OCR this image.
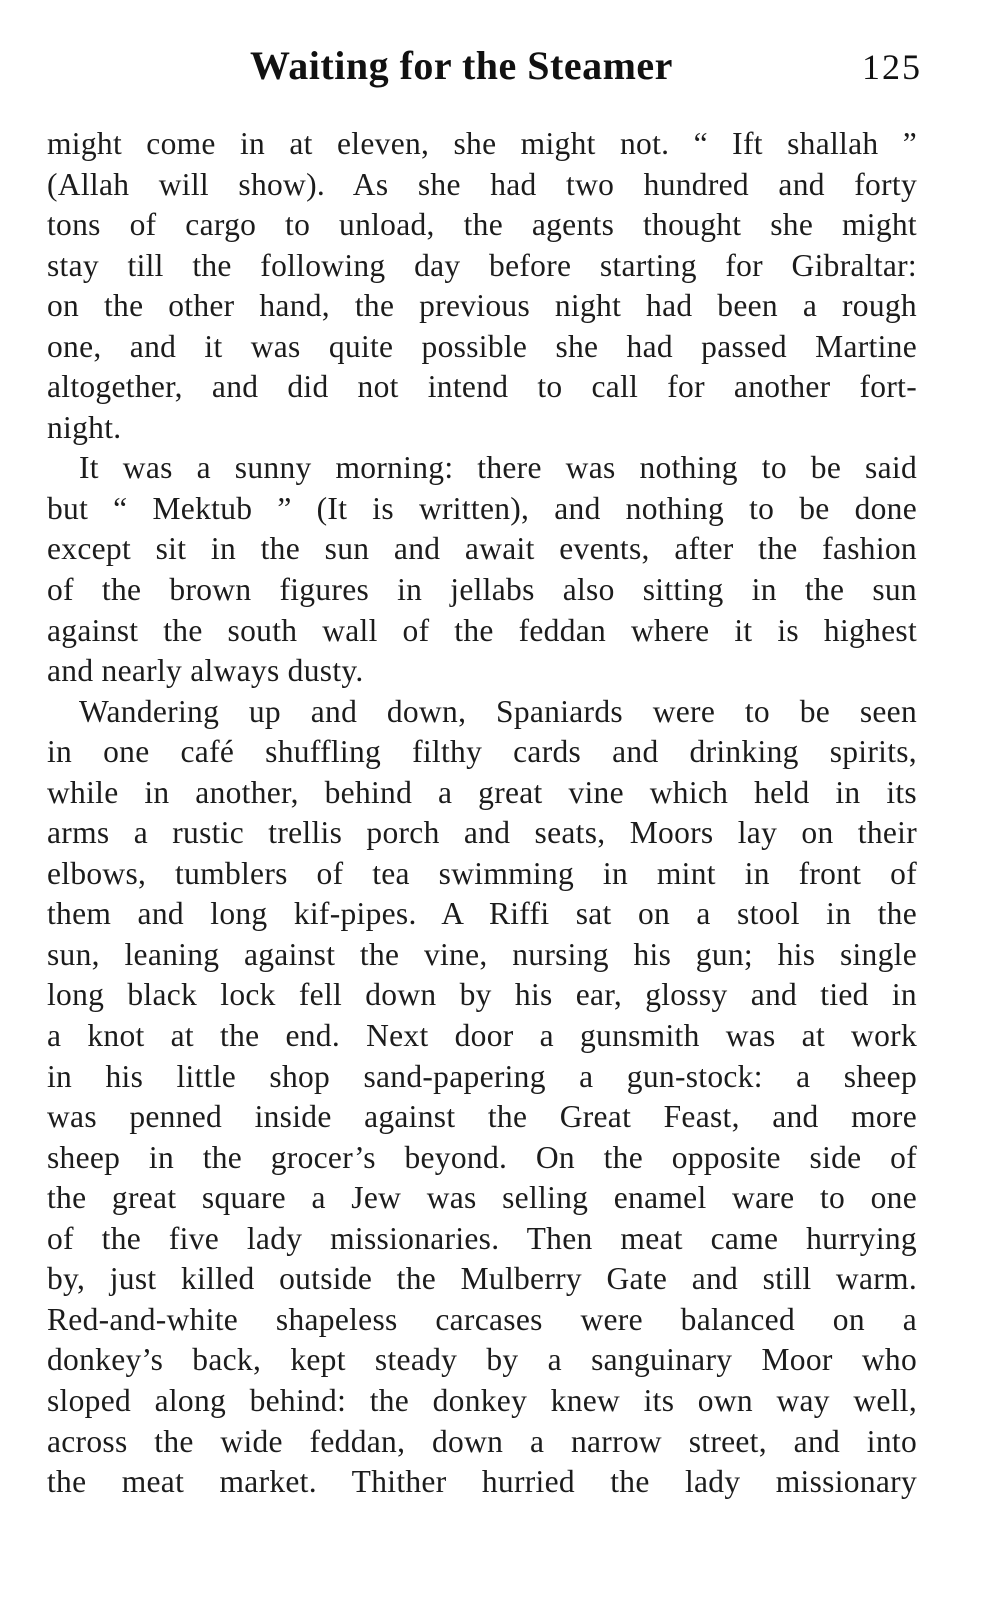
Waiting for the Steamer	125

might come in at eleven, she might not. “ Ift shallah ”
(Allah will show). As she had two hundred and forty
tons of cargo to unload, the agents thought she might
stay till the following day before starting for Gibraltar:
on the other hand, the previous night had been a rough
one, and it was quite possible she had passed Martine
altogether, and did not intend to call for another fort-
night.

It was a sunny morning: there was nothing to be said
but “ Mektub ” (It is written), and nothing to be done
except sit in the sun and await events, after the fashion
of the brown figures in jellabs also sitting in the sun
against the south wall of the feddan where it is highest
and nearly always dusty.

Wandering up and down, Spaniards were to be seen
in one café shuffling filthy cards and drinking spirits,
while in another, behind a great vine which held in its
arms a rustic trellis porch and seats, Moors lay on their
elbows, tumblers of tea swimming in mint in front of
them and long kif-pipes. A Riffi sat on a stool in the
sun, leaning against the vine, nursing his gun; his single
long black lock fell down by his ear, glossy and tied in
a knot at the end. Next door a gunsmith was at work
in his little shop sand-papering a gun-stock: a sheep
was penned inside against the Great Feast, and more
sheep in the grocer’s beyond. On the opposite side of
the great square a Jew was selling enamel ware to one
of the five lady missionaries. Then meat came hurrying
by, just killed outside the Mulberry Gate and still warm.
Red-and-white shapeless carcases were balanced on a
donkey’s back, kept steady by a sanguinary Moor who
sloped along behind: the donkey knew its own way well,
across the wide feddan, down a narrow street, and into
the meat market. Thither hurried the lady missionary
